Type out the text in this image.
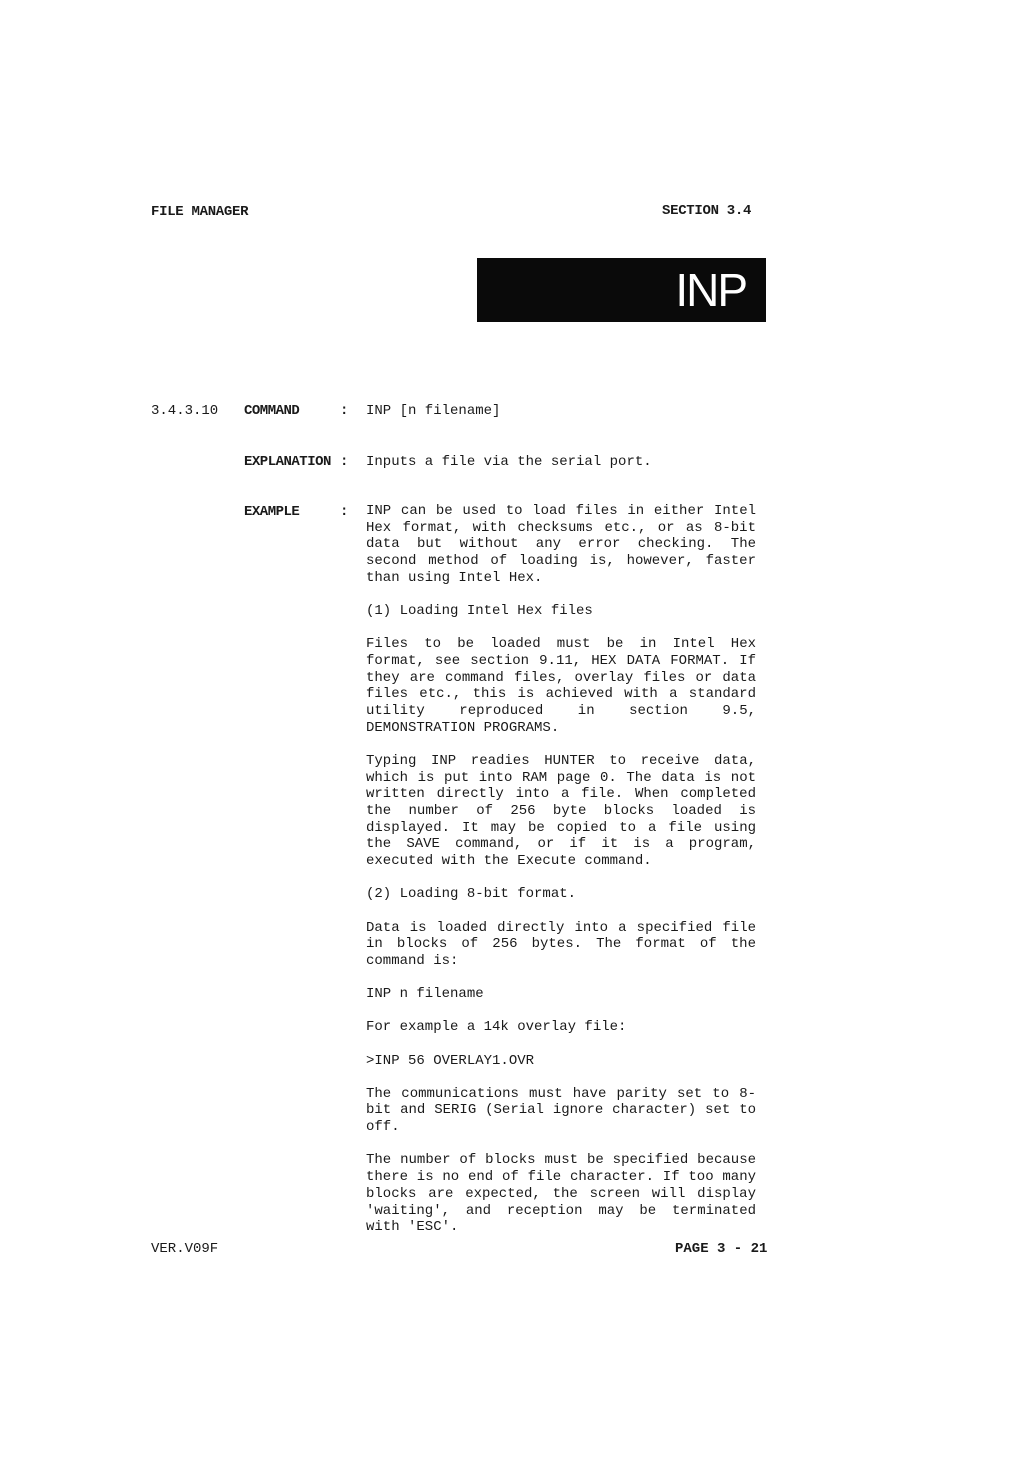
FILE MANAGER	SECTION 3.4
INP
3.4.3.10 COMMAND	: INP [n filename]
EXPLANATION : Inputs a file via the serial port.
EXAMPLE	: INP can be used to load files in either Intel Hex format, with checksums etc., or as 8-bit data but without any error checking. The second method of loading is, however, faster than using Intel Hex.

(1) Loading Intel Hex files

Files to be loaded must be in Intel Hex format, see section 9.11, HEX DATA FORMAT. If they are command files, overlay files or data files etc., this is achieved with a standard utility reproduced in section 9.5, DEMONSTRATION PROGRAMS.

Typing INP readies HUNTER to receive data, which is put into RAM page 0. The data is not written directly into a file. When completed the number of 256 byte blocks loaded is displayed. It may be copied to a file using the SAVE command, or if it is a program, executed with the Execute command.

(2) Loading 8-bit format.

Data is loaded directly into a specified file in blocks of 256 bytes. The format of the command is:

INP n filename

For example a 14k overlay file:

>INP 56 OVERLAY1.OVR

The communications must have parity set to 8-bit and SERIG (Serial ignore character) set to off.

The number of blocks must be specified because there is no end of file character. If too many blocks are expected, the screen will display 'waiting', and reception may be terminated with 'ESC'.

VER.V09F	PAGE 3 - 21
